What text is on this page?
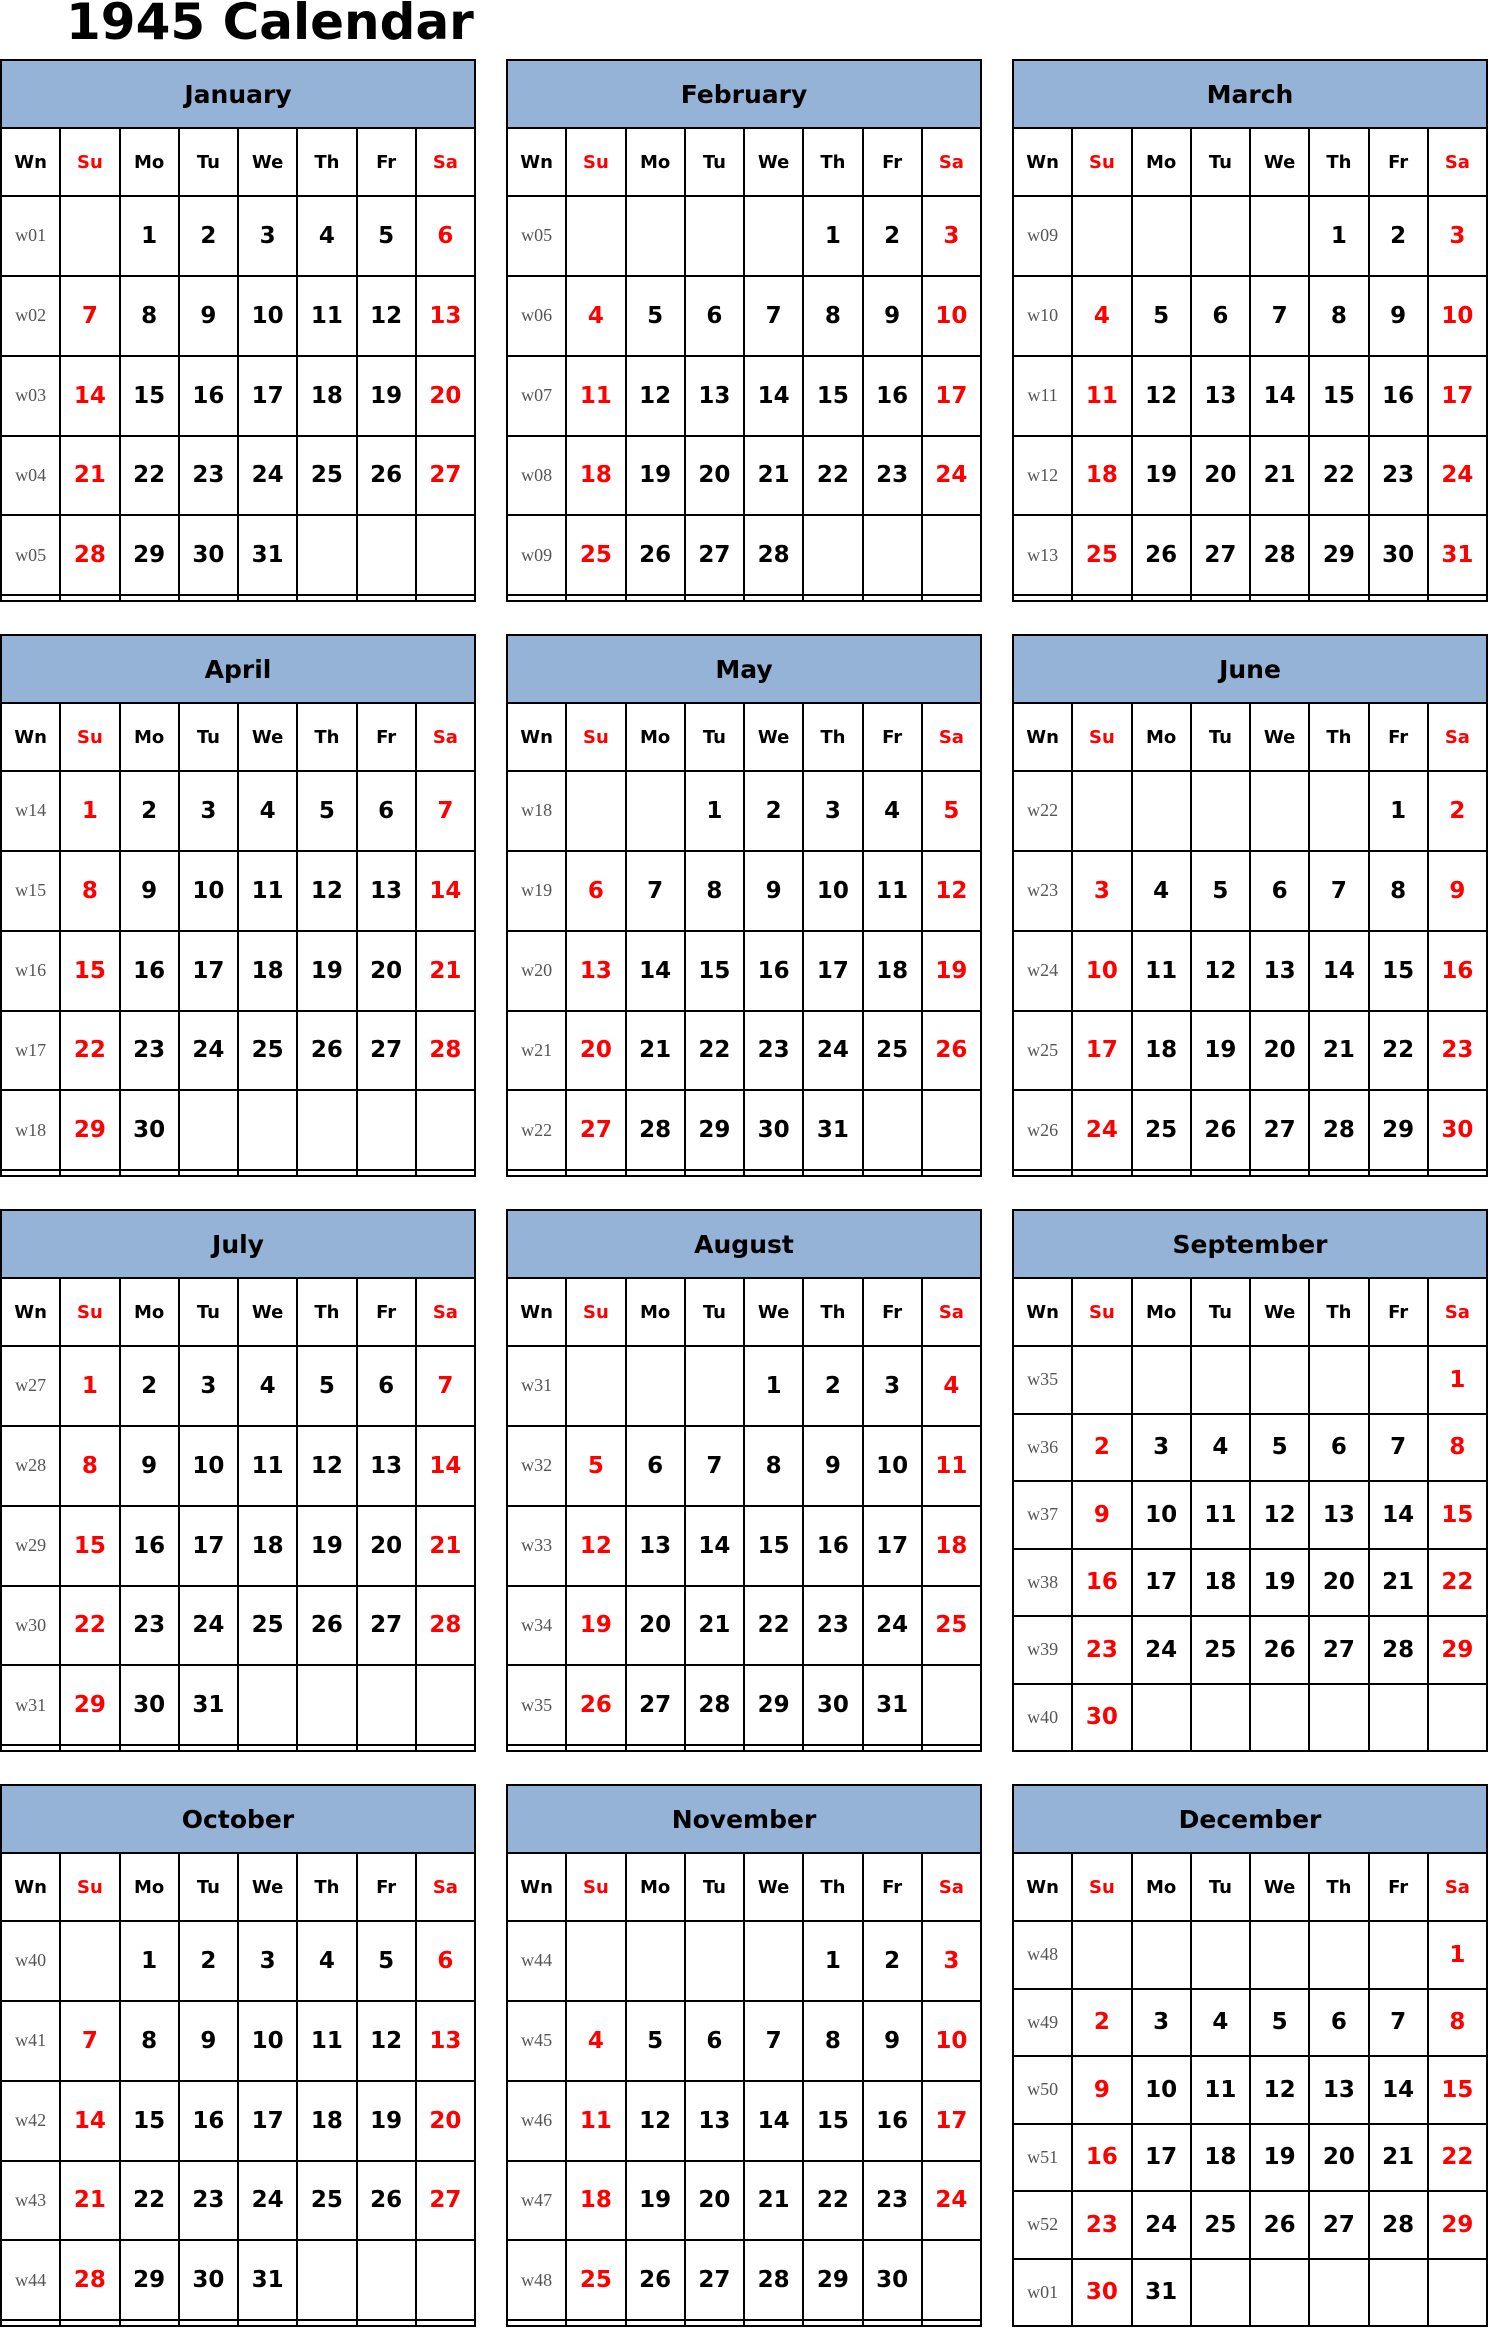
1945 Calendar
January							
Wn	Su	Mo	Tu	We	Th	Fr	Sa
w01		1	2	3	4	5	6
w02	7	8	9	10	11	12	13
w03	14	15	16	17	18	19	20
w04	21	22	23	24	25	26	27
w05	28	29	30	31			

February							
Wn	Su	Mo	Tu	We	Th	Fr	Sa
w05					1	2	3
w06	4	5	6	7	8	9	10
w07	11	12	13	14	15	16	17
w08	18	19	20	21	22	23	24
w09	25	26	27	28			

March							
Wn	Su	Mo	Tu	We	Th	Fr	Sa
w09					1	2	3
w10	4	5	6	7	8	9	10
w11	11	12	13	14	15	16	17
w12	18	19	20	21	22	23	24
w13	25	26	27	28	29	30	31

April							
Wn	Su	Mo	Tu	We	Th	Fr	Sa
w14	1	2	3	4	5	6	7
w15	8	9	10	11	12	13	14
w16	15	16	17	18	19	20	21
w17	22	23	24	25	26	27	28
w18	29	30					

May							
Wn	Su	Mo	Tu	We	Th	Fr	Sa
w18			1	2	3	4	5
w19	6	7	8	9	10	11	12
w20	13	14	15	16	17	18	19
w21	20	21	22	23	24	25	26
w22	27	28	29	30	31		

June							
Wn	Su	Mo	Tu	We	Th	Fr	Sa
w22						1	2
w23	3	4	5	6	7	8	9
w24	10	11	12	13	14	15	16
w25	17	18	19	20	21	22	23
w26	24	25	26	27	28	29	30

July							
Wn	Su	Mo	Tu	We	Th	Fr	Sa
w27	1	2	3	4	5	6	7
w28	8	9	10	11	12	13	14
w29	15	16	17	18	19	20	21
w30	22	23	24	25	26	27	28
w31	29	30	31				

August							
Wn	Su	Mo	Tu	We	Th	Fr	Sa
w31				1	2	3	4
w32	5	6	7	8	9	10	11
w33	12	13	14	15	16	17	18
w34	19	20	21	22	23	24	25
w35	26	27	28	29	30	31	

September							
Wn	Su	Mo	Tu	We	Th	Fr	Sa
w35							1
w36	2	3	4	5	6	7	8
w37	9	10	11	12	13	14	15
w38	16	17	18	19	20	21	22
w39	23	24	25	26	27	28	29
w40	30						
October							
Wn	Su	Mo	Tu	We	Th	Fr	Sa
w40		1	2	3	4	5	6
w41	7	8	9	10	11	12	13
w42	14	15	16	17	18	19	20
w43	21	22	23	24	25	26	27
w44	28	29	30	31			

November							
Wn	Su	Mo	Tu	We	Th	Fr	Sa
w44					1	2	3
w45	4	5	6	7	8	9	10
w46	11	12	13	14	15	16	17
w47	18	19	20	21	22	23	24
w48	25	26	27	28	29	30	

December							
Wn	Su	Mo	Tu	We	Th	Fr	Sa
w48							1
w49	2	3	4	5	6	7	8
w50	9	10	11	12	13	14	15
w51	16	17	18	19	20	21	22
w52	23	24	25	26	27	28	29
w01	30	31					
